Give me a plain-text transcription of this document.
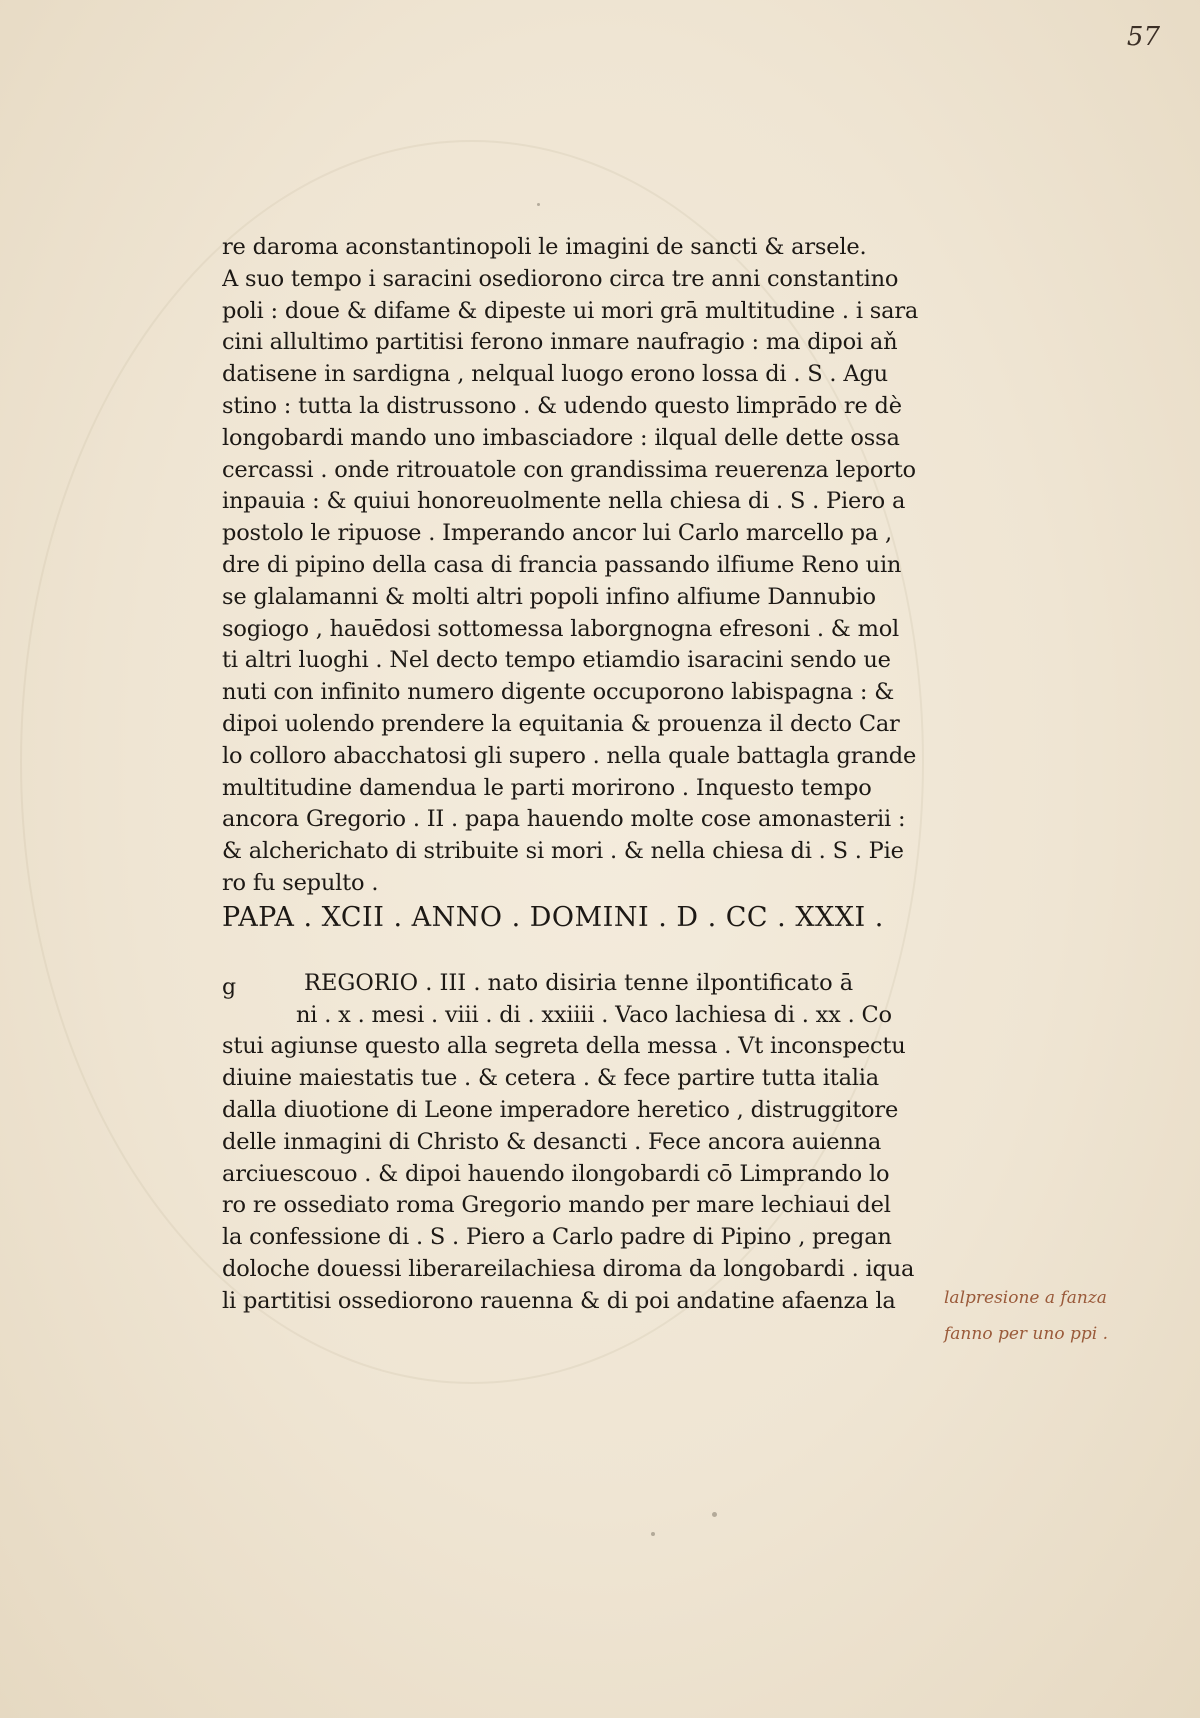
57
re daroma aconstantinopoli le imagini de sancti & arsele.
A suo tempo i saracini osediorono circa tre anni constantino
poli : doue & difame & dipeste ui mori grā multitudine . i sara
cini allultimo partitisi ferono inmare naufragio : ma dipoi aň
datisene in sardigna , nelqual luogo erono lossa di . S . Agu
stino : tutta la distrussono . & udendo questo limprādo re dè
longobardi mando uno imbasciadore : ilqual delle dette ossa
cercassi . onde ritrouatole con grandissima reuerenza leporto
inpauia : & quiui honoreuolmente nella chiesa di . S . Piero a
postolo le ripuose . Imperando ancor lui Carlo marcello pa ,
dre di pipino della casa di francia passando ilfiume Reno uin
se glalamanni & molti altri popoli infino alfiume Dannubio
sogiogo , hauēdosi sottomessa laborgnogna efresoni . & mol
ti altri luoghi . Nel decto tempo etiamdio isaracini sendo ue
nuti con infinito numero digente occuporono labispagna : &
dipoi uolendo prendere la equitania & prouenza il decto Car
lo colloro abacchatosi gli supero . nella quale battagla grande
multitudine damendua le parti morirono . Inquesto tempo
ancora Gregorio . II . papa hauendo molte cose amonasterii :
& alcherichato di stribuite si mori . & nella chiesa di . S . Pie
ro fu sepulto .
PAPA . XCII . ANNO . DOMINI . D . CC . XXXI .
g	REGORIO . III . nato disiria tenne ilpontificato ā
ni . x . mesi . viii . di . xxiiii . Vaco lachiesa di . xx . Co
stui agiunse questo alla segreta della messa . Vt inconspectu
diuine maiestatis tue . & cetera . & fece partire tutta italia
dalla diuotione di Leone imperadore heretico , distruggitore
delle inmagini di Christo & desancti . Fece ancora auienna
arciuescouo . & dipoi hauendo ilongobardi cō Limprando lo
ro re ossediato roma Gregorio mando per mare lechiaui del
la confessione di . S . Piero a Carlo padre di Pipino , pregan
doloche douessi liberareilachiesa diroma da longobardi . iqua
li partitisi ossediorono rauenna & di poi andatine afaenza la	lalpresione a fanza
fanno per uno ppi .
